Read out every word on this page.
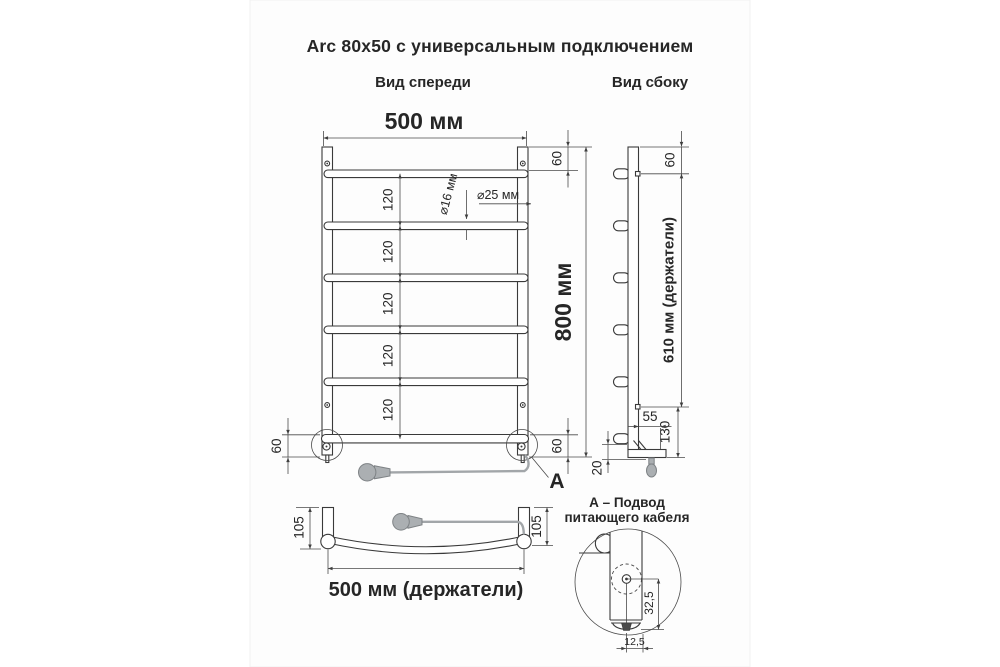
Arc 80x50 с универсальным подключением
Вид спереди	Вид сбоку
500 мм
120
120
120
120
120
⌀16 мм ⌀25 мм
60
60
800 мм
60
А
105	105
500 мм (держатели)
60
610 мм (держатели)
130
55
20
А – Подвод
питающего кабеля
32,5
12,5
